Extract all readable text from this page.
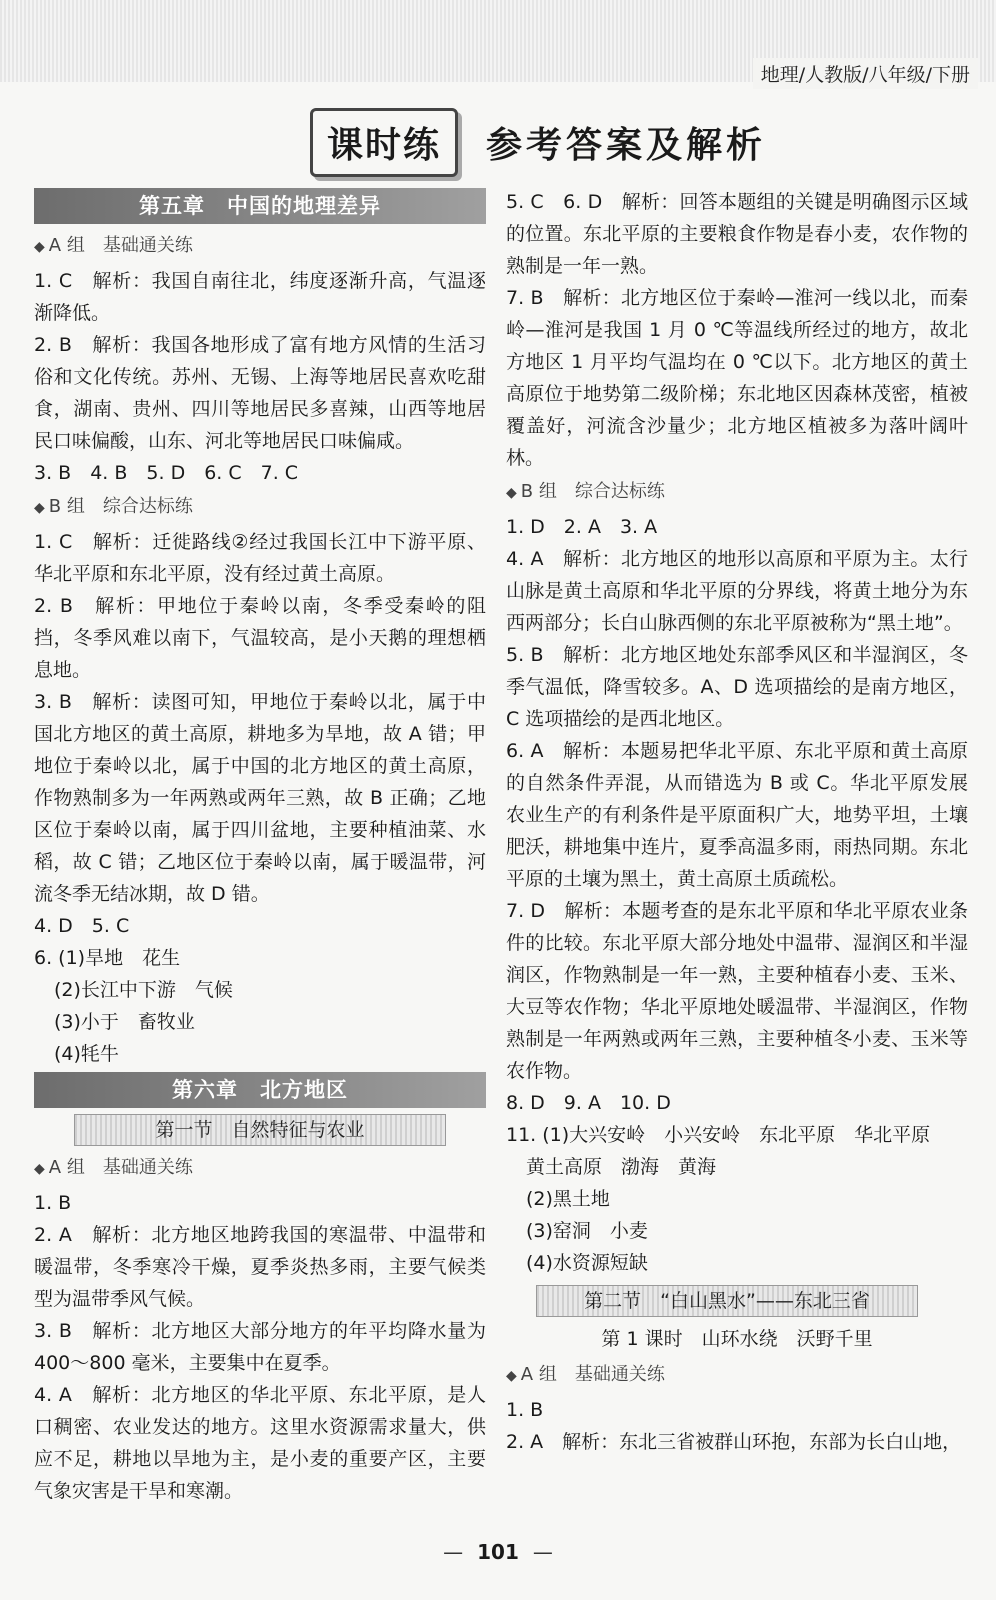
地理/人教版/八年级/下册
课时练	参考答案及解析
第五章　中国的地理差异
◆ A 组　基础通关练

1. C　解析：我国自南往北，纬度逐渐升高，气温逐渐降低。

2. B　解析：我国各地形成了富有地方风情的生活习俗和文化传统。苏州、无锡、上海等地居民喜欢吃甜食，湖南、贵州、四川等地居民多喜辣，山西等地居民口味偏酸，山东、河北等地居民口味偏咸。

3. B　4. B　5. D　6. C　7. C

◆ B 组　综合达标练

1. C　解析：迁徙路线②经过我国长江中下游平原、华北平原和东北平原，没有经过黄土高原。

2. B　解析：甲地位于秦岭以南，冬季受秦岭的阻挡，冬季风难以南下，气温较高，是小天鹅的理想栖息地。

3. B　解析：读图可知，甲地位于秦岭以北，属于中国北方地区的黄土高原，耕地多为旱地，故 A 错；甲地位于秦岭以北，属于中国的北方地区的黄土高原，作物熟制多为一年两熟或两年三熟，故 B 正确；乙地区位于秦岭以南，属于四川盆地，主要种植油菜、水稻，故 C 错；乙地区位于秦岭以南，属于暖温带，河流冬季无结冰期，故 D 错。

4. D　5. C

6. (1)旱地　花生

(2)长江中下游　气候

(3)小于　畜牧业

(4)牦牛

第六章　北方地区
第一节　自然特征与农业
◆ A 组　基础通关练

1. B

2. A　解析：北方地区地跨我国的寒温带、中温带和暖温带，冬季寒冷干燥，夏季炎热多雨，主要气候类型为温带季风气候。

3. B　解析：北方地区大部分地方的年平均降水量为400～800 毫米，主要集中在夏季。

4. A　解析：北方地区的华北平原、东北平原，是人口稠密、农业发达的地方。这里水资源需求量大，供应不足，耕地以旱地为主，是小麦的重要产区，主要气象灾害是干旱和寒潮。

5. C　6. D　解析：回答本题组的关键是明确图示区域的位置。东北平原的主要粮食作物是春小麦，农作物的熟制是一年一熟。

7. B　解析：北方地区位于秦岭—淮河一线以北，而秦岭—淮河是我国 1 月 0 ℃等温线所经过的地方，故北方地区 1 月平均气温均在 0 ℃以下。北方地区的黄土高原位于地势第二级阶梯；东北地区因森林茂密，植被覆盖好，河流含沙量少；北方地区植被多为落叶阔叶林。

◆ B 组　综合达标练

1. D　2. A　3. A

4. A　解析：北方地区的地形以高原和平原为主。太行山脉是黄土高原和华北平原的分界线，将黄土地分为东西两部分；长白山脉西侧的东北平原被称为“黑土地”。

5. B　解析：北方地区地处东部季风区和半湿润区，冬季气温低，降雪较多。A、D 选项描绘的是南方地区，C 选项描绘的是西北地区。

6. A　解析：本题易把华北平原、东北平原和黄土高原的自然条件弄混，从而错选为 B 或 C。华北平原发展农业生产的有利条件是平原面积广大，地势平坦，土壤肥沃，耕地集中连片，夏季高温多雨，雨热同期。东北平原的土壤为黑土，黄土高原土质疏松。

7. D　解析：本题考查的是东北平原和华北平原农业条件的比较。东北平原大部分地处中温带、湿润区和半湿润区，作物熟制是一年一熟，主要种植春小麦、玉米、大豆等农作物；华北平原地处暖温带、半湿润区，作物熟制是一年两熟或两年三熟，主要种植冬小麦、玉米等农作物。

8. D　9. A　10. D

11. (1)大兴安岭　小兴安岭　东北平原　华北平原

黄土高原　渤海　黄海

(2)黑土地

(3)窑洞　小麦

(4)水资源短缺

第二节　“白山黑水”——东北三省
第 1 课时　山环水绕　沃野千里
◆ A 组　基础通关练

1. B

2. A　解析：东北三省被群山环抱，东部为长白山地，

— 101 —
